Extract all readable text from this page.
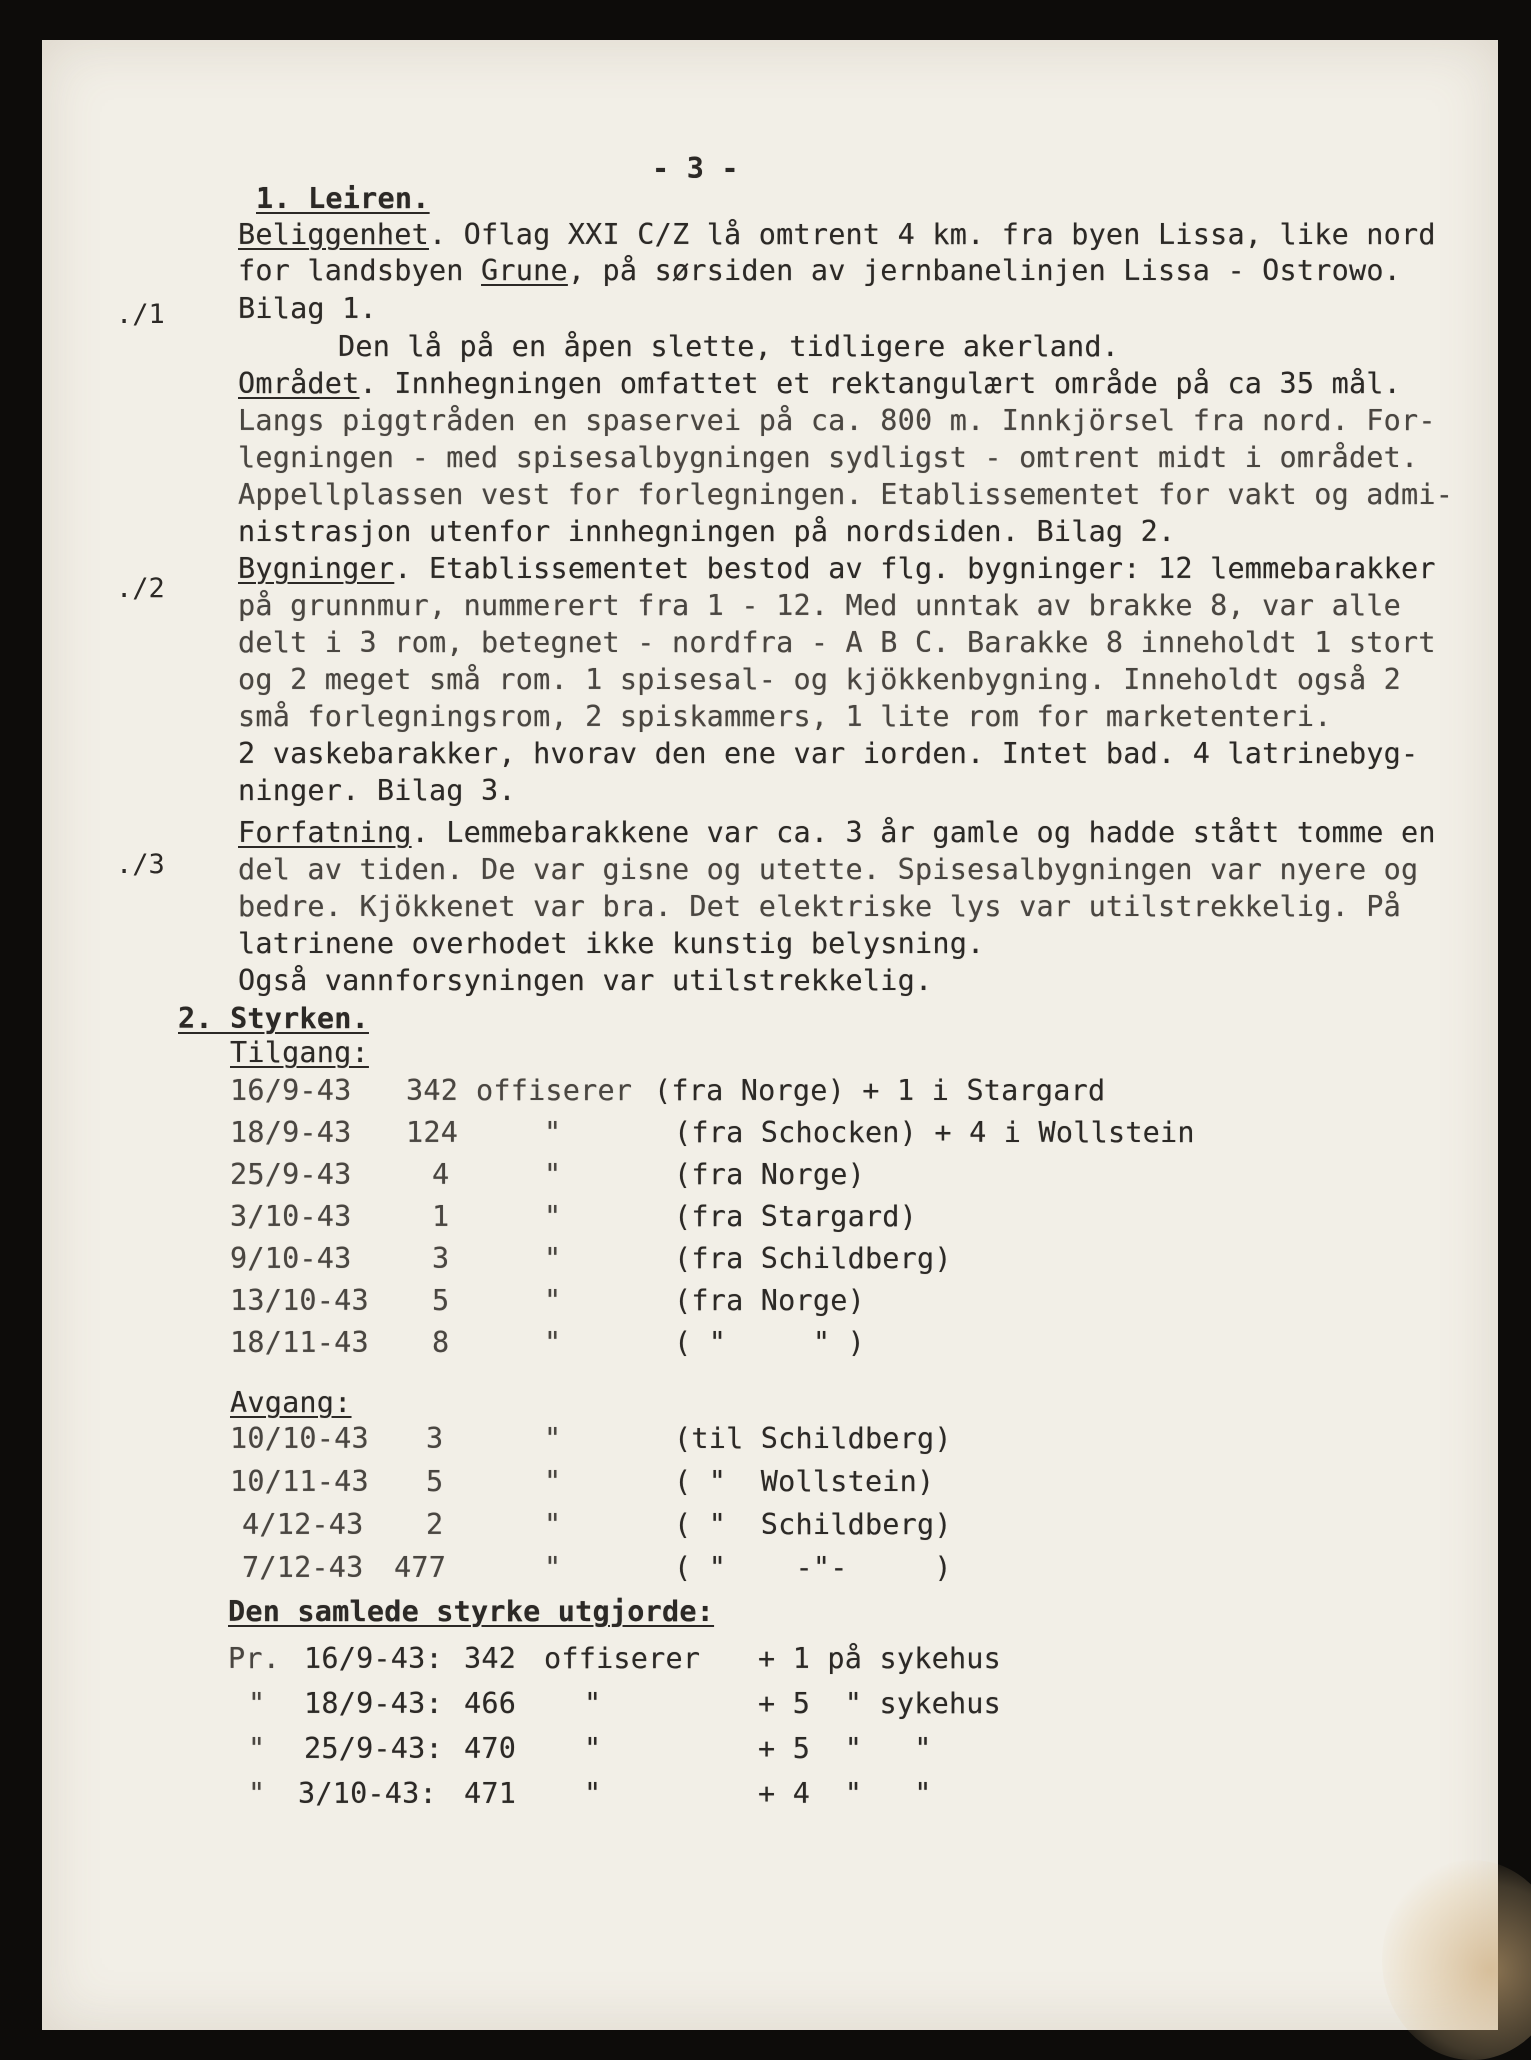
- 3 -
1. Leiren.
./1
./2
./3
Beliggenhet. Oflag XXI C/Z lå omtrent 4 km. fra byen Lissa, like nord
for landsbyen Grune, på sørsiden av jernbanelinjen Lissa - Ostrowo.
Bilag 1.
Den lå på en åpen slette, tidligere akerland.
Området. Innhegningen omfattet et rektangulært område på ca 35 mål.
Langs piggtråden en spaservei på ca. 800 m. Innkjörsel fra nord. For-
legningen - med spisesalbygningen sydligst - omtrent midt i området.
Appellplassen vest for forlegningen. Etablissementet for vakt og admi-
nistrasjon utenfor innhegningen på nordsiden. Bilag 2.
Bygninger. Etablissementet bestod av flg. bygninger: 12 lemmebarakker
på grunnmur, nummerert fra 1 - 12. Med unntak av brakke 8, var alle
delt i 3 rom, betegnet - nordfra - A B C. Barakke 8 inneholdt 1 stort
og 2 meget små rom. 1 spisesal- og kjökkenbygning. Inneholdt også 2
små forlegningsrom, 2 spiskammers, 1 lite rom for marketenteri.
2 vaskebarakker, hvorav den ene var iorden. Intet bad. 4 latrinebyg-
ninger. Bilag 3.
Forfatning. Lemmebarakkene var ca. 3 år gamle og hadde stått tomme en
del av tiden. De var gisne og utette. Spisesalbygningen var nyere og
bedre. Kjökkenet var bra. Det elektriske lys var utilstrekkelig. På
latrinene overhodet ikke kunstig belysning.
Også vannforsyningen var utilstrekkelig.
2. Styrken.
Tilgang:
Avgang:
Den samlede styrke utgjorde:
16/9-43 342 offiserer (fra Norge) + 1 i Stargard
18/9-43 124	"	(fra Schocken) + 4 i Wollstein
25/9-43	4	"	(fra Norge)
3/10-43	1	"	(fra Stargard)
9/10-43	3	"	(fra Schildberg)
13/10-43 5	"	(fra Norge)
18/11-43 8	"	( "     " )
10/10-43 3	"	(til Schildberg)
10/11-43 5	"	( "  Wollstein)
4/12-43 2	"	( "  Schildberg)
7/12-43 477	"	( "    -"-     )
Pr. 16/9-43: 342 offiserer + 1 på sykehus
" 18/9-43: 466 "	+ 5  " sykehus
" 25/9-43: 470 "	+ 5  "   "
" 3/10-43: 471 "	+ 4  "   "
